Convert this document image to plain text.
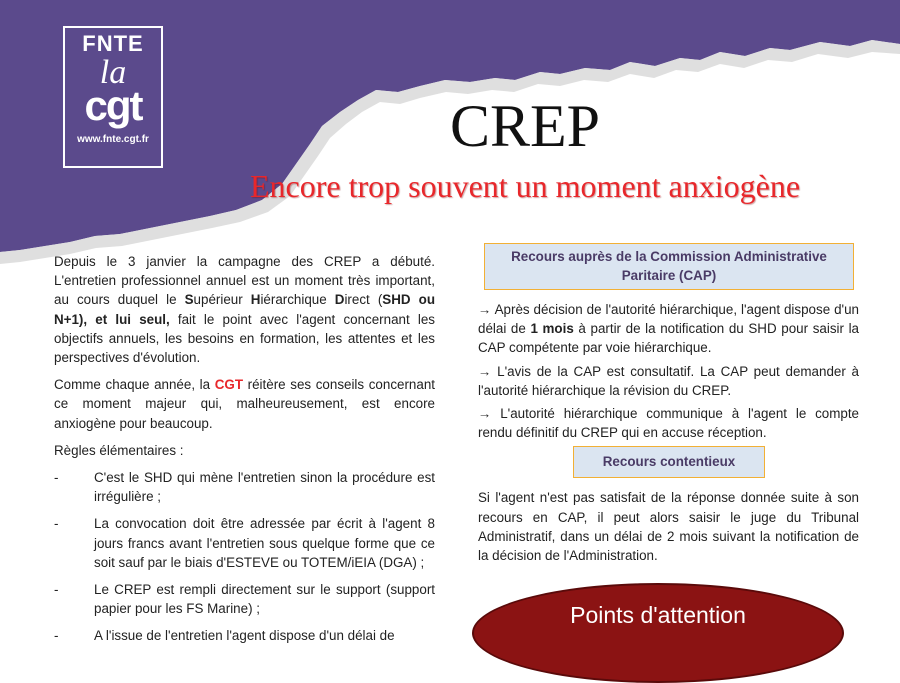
FNTE
la
cgt
www.fnte.cgt.fr	CREP
Encore trop souvent un moment anxiogène

Depuis le 3 janvier la campagne des CREP a débuté. L'entretien professionnel annuel est un moment très important, au cours duquel le Supérieur Hiérarchique Direct (SHD ou N+1), et lui seul, fait le point avec l'agent concernant les objectifs annuels, les besoins en formation, les attentes et les perspectives d'évolution.

Comme chaque année, la CGT réitère ses conseils concernant ce moment majeur qui, malheureusement, est encore anxiogène pour beaucoup.

Règles élémentaires :

-	C'est le SHD qui mène l'entretien sinon la procédure est irrégulière ;
-	La convocation doit être adressée par écrit à l'agent 8 jours francs avant l'entretien sous quelque forme que ce soit sauf par le biais d'ESTEVE ou TOTEM/iEIA (DGA) ;
-	Le CREP est rempli directement sur le support (support papier pour les FS Marine) ;
-	A l'issue de l'entretien l'agent dispose d'un délai de
Recours auprès de la Commission Administrative Paritaire (CAP)

→ Après décision de l'autorité hiérarchique, l'agent dispose d'un délai de 1 mois à partir de la notification du SHD pour saisir la CAP compétente par voie hiérarchique.

→ L'avis de la CAP est consultatif. La CAP peut demander à l'autorité hiérarchique la révision du CREP.

→ L'autorité hiérarchique communique à l'agent le compte rendu définitif du CREP qui en accuse réception.

Recours contentieux

Si l'agent n'est pas satisfait de la réponse donnée suite à son recours en CAP, il peut alors saisir le juge du Tribunal Administratif, dans un délai de 2 mois suivant la notification de la décision de l'Administration.

Points d'attention
